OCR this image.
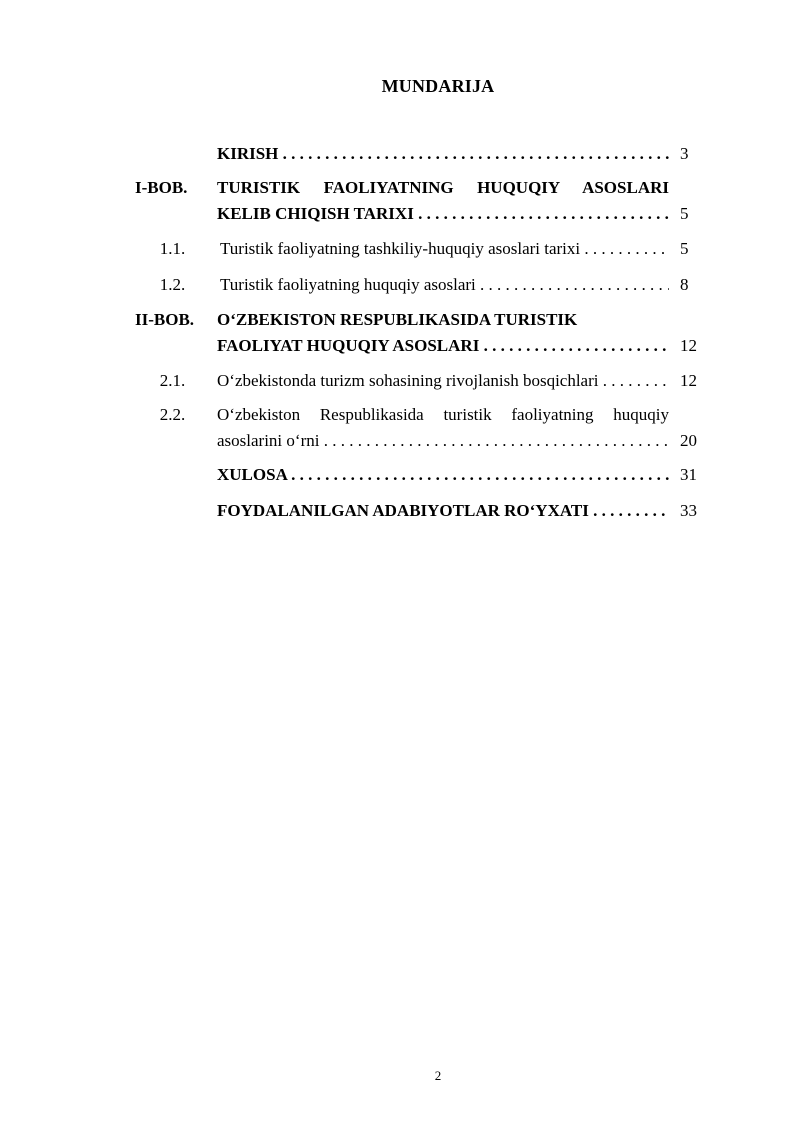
MUNDARIJA
KIRISH . . .	3
I-BOB.	TURISTIK FAOLIYATNING HUQUQIY ASOSLARI
KELIB CHIQISH TARIXI . . .	5
1.1.	Turistik faoliyatning tashkiliy-huquqiy asoslari tarixi . . .	5
1.2.	Turistik faoliyatning huquqiy asoslari . . .	8
II-BOB. O‘ZBEKISTON RESPUBLIKASIDA TURISTIK
FAOLIYAT HUQUQIY ASOSLARI . . .	12
2.1.	O‘zbekistonda turizm sohasining rivojlanish bosqichlari . . .	12
2.2.	O‘zbekiston Respublikasida turistik faoliyatning huquqiy
asoslarini o‘rni . . .	20
XULOSA . . .	31
FOYDALANILGAN ADABIYOTLAR RO‘YXATI . . .	33
2
